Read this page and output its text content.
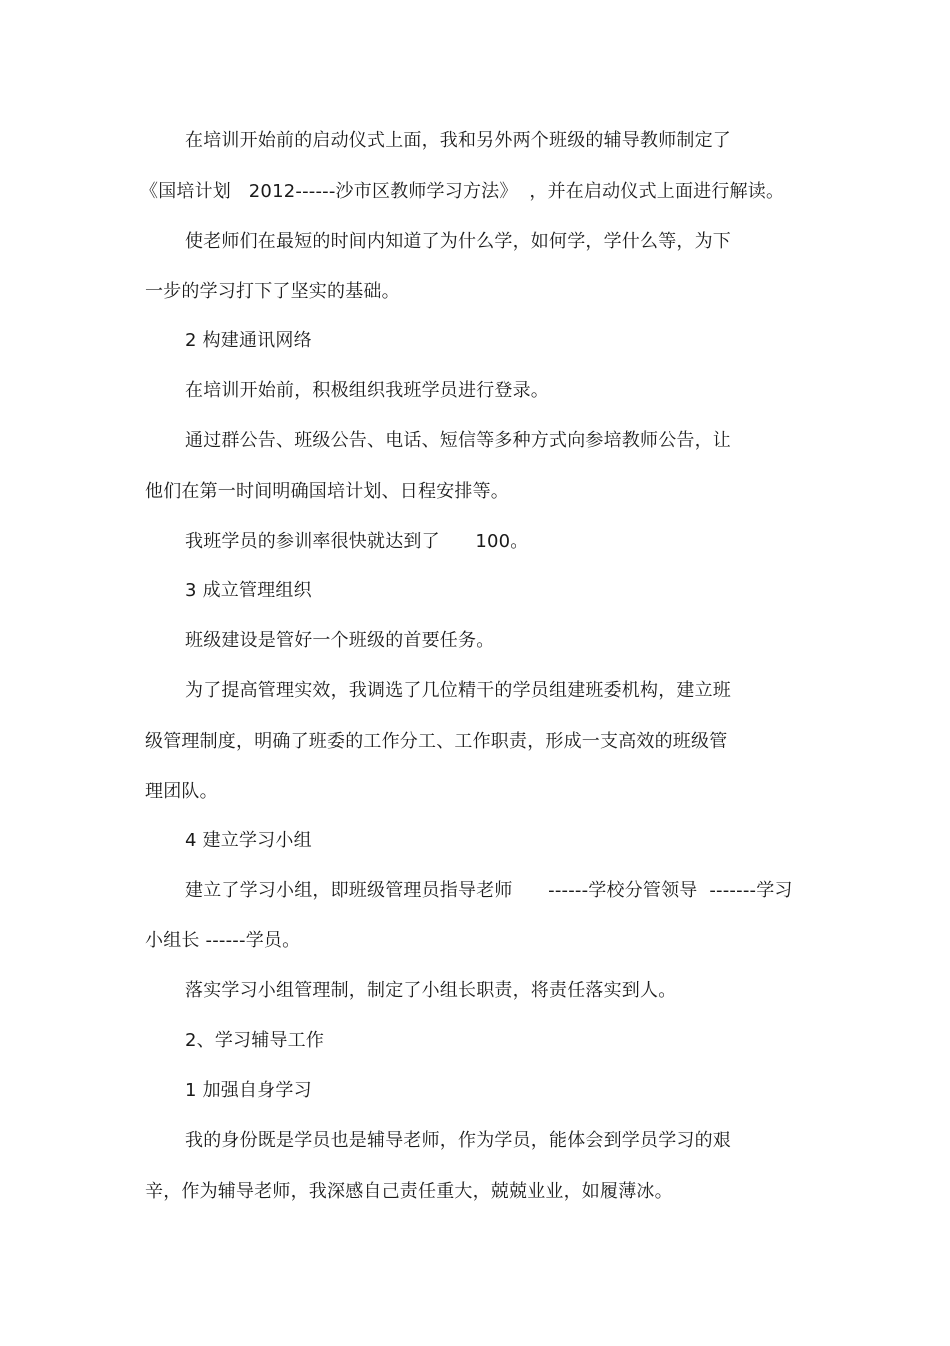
在培训开始前的启动仪式上面，我和另外两个班级的辅导教师制定了
《国培计划   2012------沙市区教师学习方法》  ，并在启动仪式上面进行解读。
使老师们在最短的时间内知道了为什么学，如何学，学什么等，为下
一步的学习打下了坚实的基础。
2 构建通讯网络
在培训开始前，积极组织我班学员进行登录。
通过群公告、班级公告、电话、短信等多种方式向参培教师公告，让
他们在第一时间明确国培计划、日程安排等。
我班学员的参训率很快就达到了      100。
3 成立管理组织
班级建设是管好一个班级的首要任务。
为了提高管理实效，我调选了几位精干的学员组建班委机构，建立班
级管理制度，明确了班委的工作分工、工作职责，形成一支高效的班级管
理团队。
4 建立学习小组
建立了学习小组，即班级管理员指导老师      ------学校分管领导  -------学习
小组长 ------学员。
落实学习小组管理制，制定了小组长职责，将责任落实到人。
2、学习辅导工作
1 加强自身学习
我的身份既是学员也是辅导老师，作为学员，能体会到学员学习的艰
辛，作为辅导老师，我深感自己责任重大，兢兢业业，如履薄冰。
